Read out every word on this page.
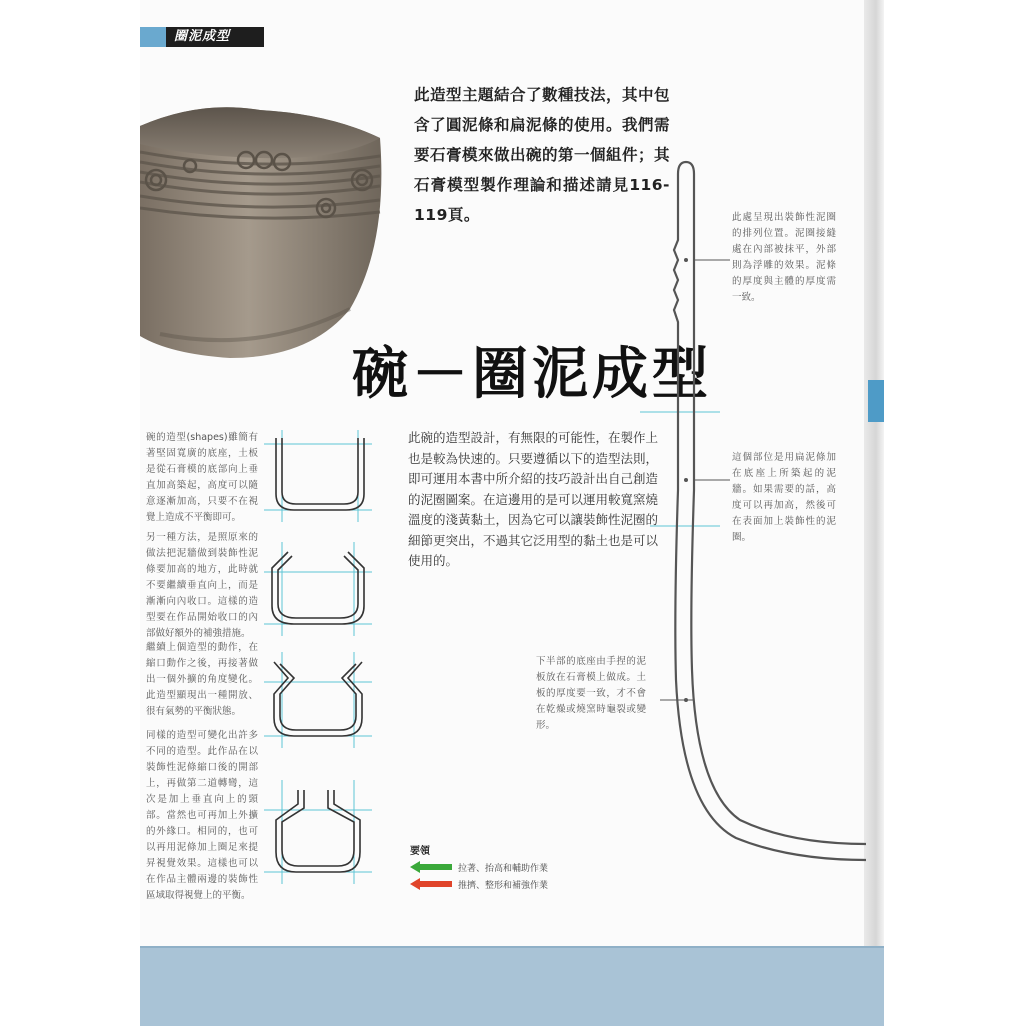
圈泥成型
此造型主題結合了數種技法，其中包含了圓泥條和扁泥條的使用。我們需要石膏模來做出碗的第一個組件；其石膏模型製作理論和描述請見116-119頁。
碗－圈泥成型
此碗的造型設計，有無限的可能性，在製作上也是較為快速的。只要遵循以下的造型法則，即可運用本書中所介紹的技巧設計出自己創造的泥圈圖案。在這邊用的是可以運用較寬窯燒溫度的淺黃黏土，因為它可以讓裝飾性泥圈的細節更突出，不過其它泛用型的黏土也是可以使用的。
碗的造型(shapes)雖簡有著堅固寬廣的底座，土板是從石膏模的底部向上垂直加高築起，高度可以隨意逐漸加高，只要不在視覺上造成不平衡即可。
另一種方法，是照原來的做法把泥牆做到裝飾性泥條要加高的地方，此時就不要繼續垂直向上，而是漸漸向內收口。這樣的造型要在作品開始收口的內部做好額外的補強措施。
繼續上個造型的動作，在縮口動作之後，再接著做出一個外擴的角度變化。此造型顯現出一種開放、很有氣勢的平衡狀態。
同樣的造型可變化出許多不同的造型。此作品在以裝飾性泥條縮口後的開部上，再做第二道轉彎，這次是加上垂直向上的頸部。當然也可再加上外擴的外緣口。相同的，也可以再用泥條加上圈足來提昇視覺效果。這樣也可以在作品主體兩邊的裝飾性區域取得視覺上的平衡。
此處呈現出裝飾性泥圈的排列位置。泥圈接縫處在內部被抹平，外部則為浮雕的效果。泥條的厚度與主體的厚度需一致。
這個部位是用扁泥條加在底座上所築起的泥牆。如果需要的話，高度可以再加高，然後可在表面加上裝飾性的泥圈。
下半部的底座由手捏的泥板放在石膏模上做成。土板的厚度要一致，才不會在乾燥或燒窯時龜裂或變形。
要領
拉著、抬高和輔助作業
推擠、整形和補強作業
